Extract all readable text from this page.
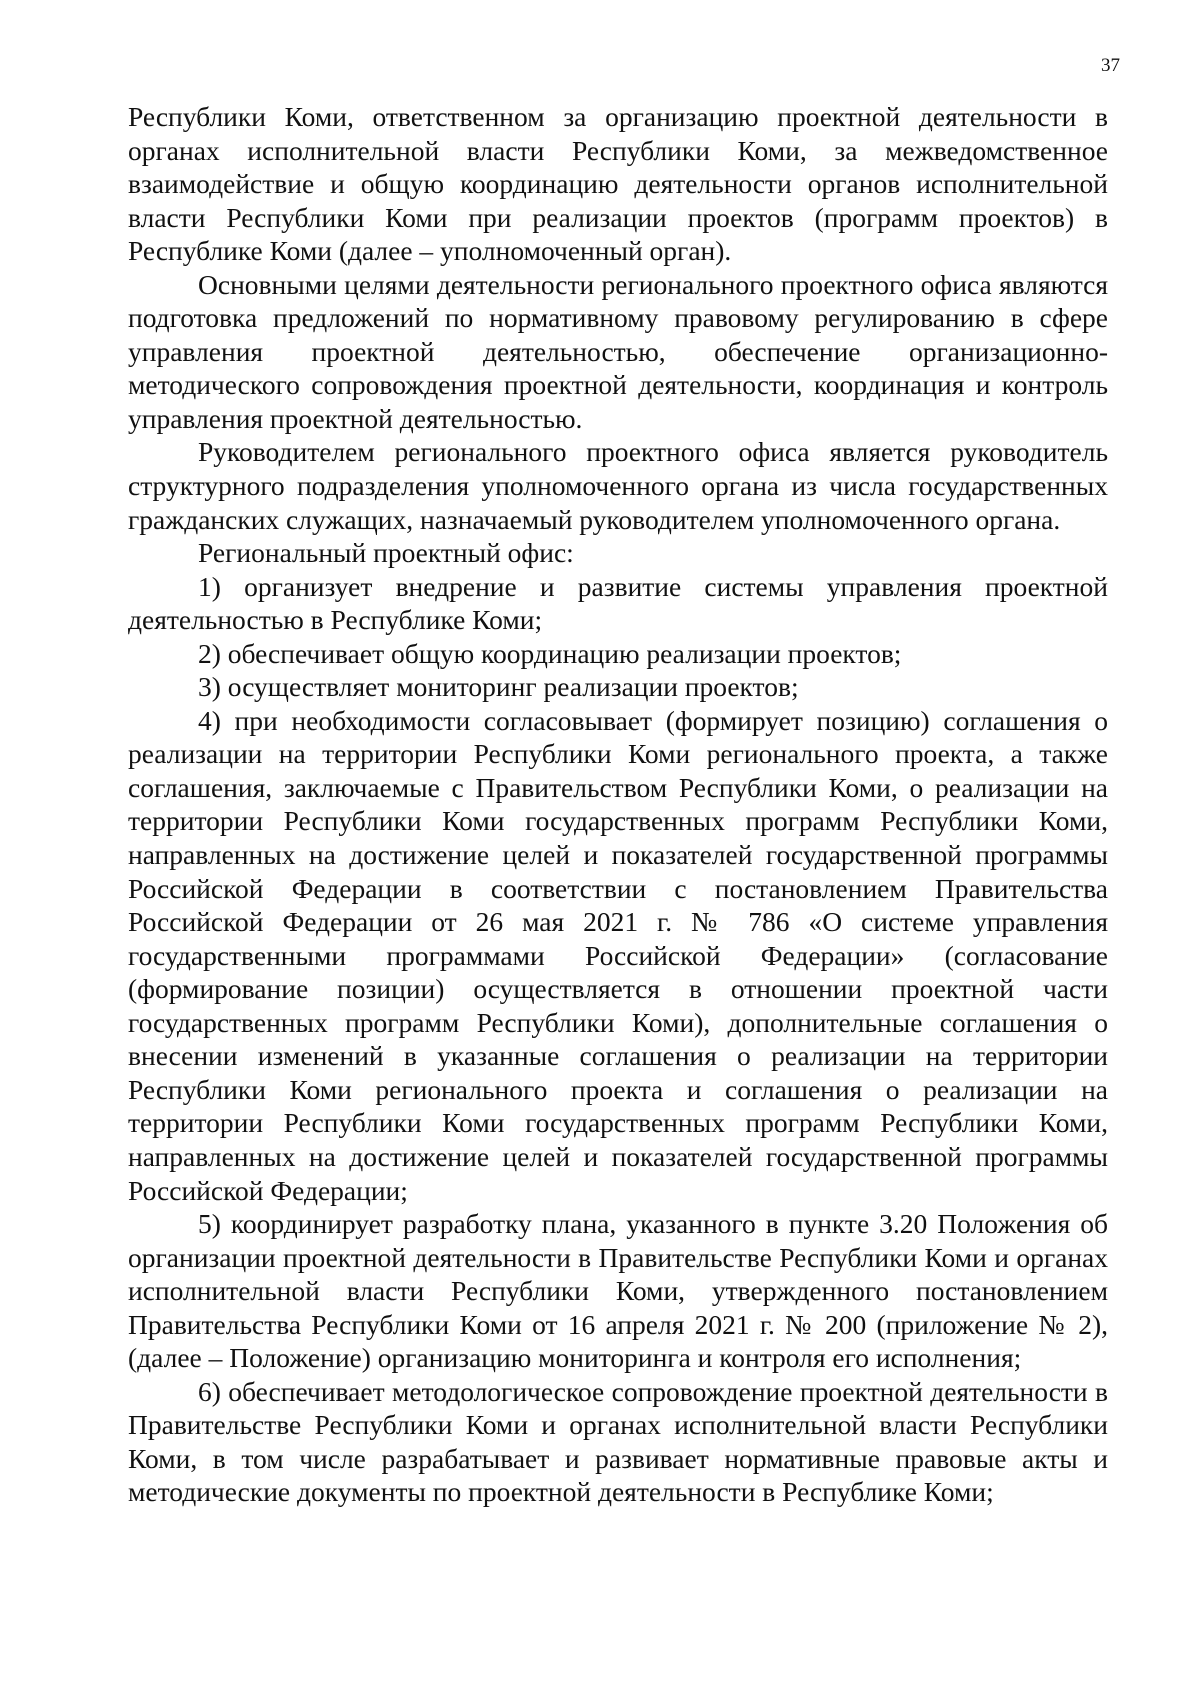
37

Республики Коми, ответственном за организацию проектной деятельности в органах исполнительной власти Республики Коми, за межведомственное взаимодействие и общую координацию деятельности органов исполнительной власти Республики Коми при реализации проектов (программ проектов) в Республике Коми (далее – уполномоченный орган).

Основными целями деятельности регионального проектного офиса являются подготовка предложений по нормативному правовому регулированию в сфере управления проектной деятельностью, обеспечение организационно-методического сопровождения проектной деятельности, координация и контроль управления проектной деятельностью.

Руководителем регионального проектного офиса является руководитель структурного подразделения уполномоченного органа из числа государственных гражданских служащих, назначаемый руководителем уполномоченного органа.

Региональный проектный офис:

1) организует внедрение и развитие системы управления проектной деятельностью в Республике Коми;

2) обеспечивает общую координацию реализации проектов;

3) осуществляет мониторинг реализации проектов;

4) при необходимости согласовывает (формирует позицию) соглашения о реализации на территории Республики Коми регионального проекта, а также соглашения, заключаемые с Правительством Республики Коми, о реализации на территории Республики Коми государственных программ Республики Коми, направленных на достижение целей и показателей государственной программы Российской Федерации в соответствии с постановлением Правительства Российской Федерации от 26 мая 2021 г. № 786 «О системе управления государственными программами Российской Федерации» (согласование (формирование позиции) осуществляется в отношении проектной части государственных программ Республики Коми), дополнительные соглашения о внесении изменений в указанные соглашения о реализации на территории Республики Коми регионального проекта и соглашения о реализации на территории Республики Коми государственных программ Республики Коми, направленных на достижение целей и показателей государственной программы Российской Федерации;

5) координирует разработку плана, указанного в пункте 3.20 Положения об организации проектной деятельности в Правительстве Республики Коми и органах исполнительной власти Республики Коми, утвержденного постановлением Правительства Республики Коми от 16 апреля 2021 г. № 200 (приложение № 2), (далее – Положение) организацию мониторинга и контроля его исполнения;

6) обеспечивает методологическое сопровождение проектной деятельности в Правительстве Республики Коми и органах исполнительной власти Республики Коми, в том числе разрабатывает и развивает нормативные правовые акты и методические документы по проектной деятельности в Республике Коми;
